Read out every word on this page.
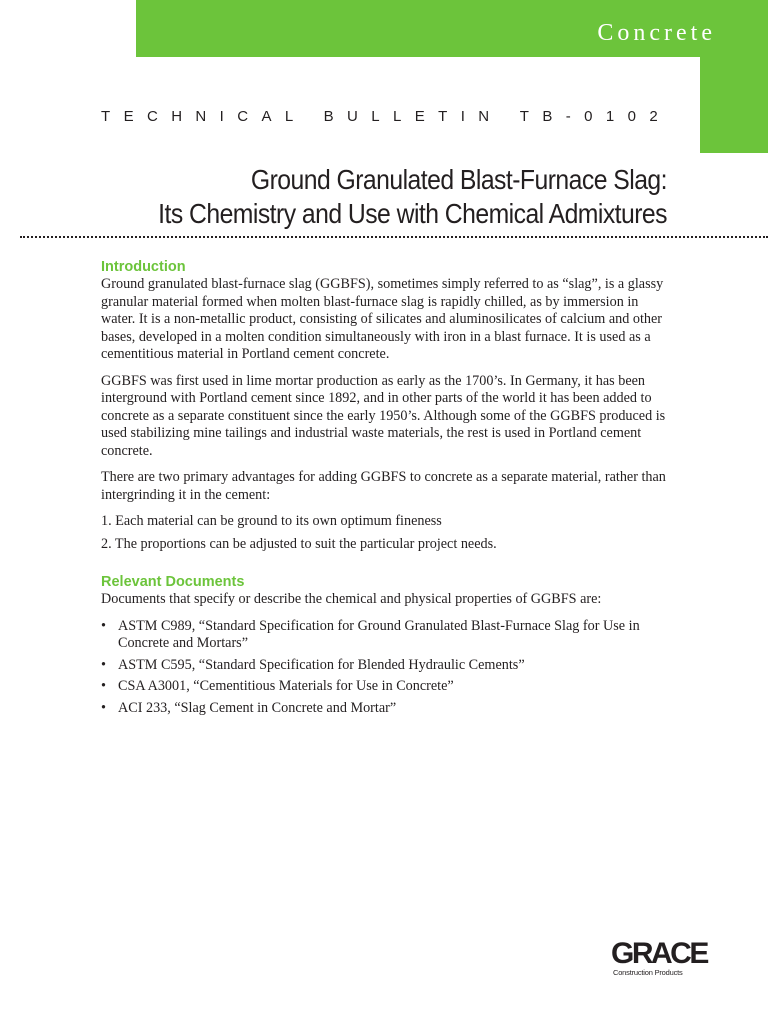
Concrete
TECHNICAL BULLETIN TB-0102
Ground Granulated Blast-Furnace Slag:
Its Chemistry and Use with Chemical Admixtures
Introduction

Ground granulated blast-furnace slag (GGBFS), sometimes simply referred to as “slag”, is a glassy granular material formed when molten blast-furnace slag is rapidly chilled, as by immersion in water. It is a non-metallic product, consisting of silicates and aluminosilicates of calcium and other bases, developed in a molten condition simultaneously with iron in a blast furnace. It is used as a cementitious material in Portland cement concrete.

GGBFS was first used in lime mortar production as early as the 1700’s. In Germany, it has been interground with Portland cement since 1892, and in other parts of the world it has been added to concrete as a separate constituent since the early 1950’s. Although some of the GGBFS produced is used stabilizing mine tailings and industrial waste materials, the rest is used in Portland cement concrete.

There are two primary advantages for adding GGBFS to concrete as a separate material, rather than intergrinding it in the cement:

1. Each material can be ground to its own optimum fineness
2. The proportions can be adjusted to suit the particular project needs.
Relevant Documents

Documents that specify or describe the chemical and physical properties of GGBFS are:

• ASTM C989, “Standard Specification for Ground Granulated Blast-Furnace Slag for Use in Concrete and Mortars”
• ASTM C595, “Standard Specification for Blended Hydraulic Cements”
• CSA A3001, “Cementitious Materials for Use in Concrete”
• ACI 233, “Slag Cement in Concrete and Mortar”
GRACE
Construction Products
